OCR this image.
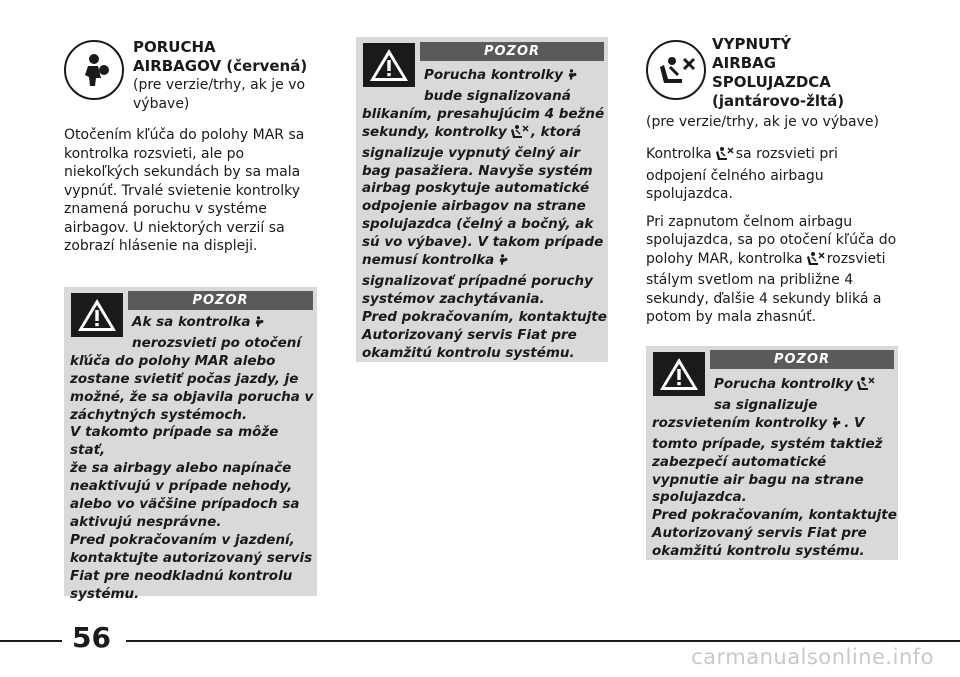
PORUCHA
AIRBAGOV (červená)
(pre verzie/trhy, ak je vo
výbave)
Otočením kľúča do polohy MAR sa
kontrolka rozsvieti, ale po
niekoľkých sekundách by sa mala
vypnúť. Trvalé svietenie kontrolky
znamená poruchu v systéme
airbagov. U niektorých verzií sa
zobrazí hlásenie na displeji.
POZOR
Ak sa kontrolka
nerozsvieti po otočení
kľúča do polohy MAR alebo
zostane svietiť počas jazdy, je
možné, že sa objavila porucha v
záchytných systémoch.
V takomto prípade sa môže stať,
že sa airbagy alebo napínače
neaktivujú v prípade nehody,
alebo vo väčšine prípadoch sa
aktivujú nesprávne.
Pred pokračovaním v jazdení,
kontaktujte autorizovaný servis
Fiat pre neodkladnú kontrolu
systému.
POZOR
Porucha kontrolky
bude signalizovaná
blikaním, presahujúcim 4 bežné
sekundy, kontrolky , ktorá
signalizuje vypnutý čelný air
bag pasažiera. Navyše systém
airbag poskytuje automatické
odpojenie airbagov na strane
spolujazdca (čelný a bočný, ak
sú vo výbave). V takom prípade
nemusí kontrolka
signalizovať prípadné poruchy
systémov zachytávania.
Pred pokračovaním, kontaktujte
Autorizovaný servis Fiat pre
okamžitú kontrolu systému.
VYPNUTÝ
AIRBAG
SPOLUJAZDCA
(jantárovo-žltá)
(pre verzie/trhy, ak je vo výbave)

Kontrolka sa rozsvieti pri
odpojení čelného airbagu
spolujazdca.

Pri zapnutom čelnom airbagu
spolujazdca, sa po otočení kľúča do
polohy MAR, kontrolka rozsvieti
stálym svetlom na približne 4
sekundy, ďalšie 4 sekundy bliká a
potom by mala zhasnúť.

POZOR
Porucha kontrolky
sa signalizuje
rozsvietením kontrolky . V
tomto prípade, systém taktiež
zabezpečí automatické
vypnutie air bagu na strane
spolujazdca.
Pred pokračovaním, kontaktujte
Autorizovaný servis Fiat pre
okamžitú kontrolu systému.
56
carmanualsonline.info
